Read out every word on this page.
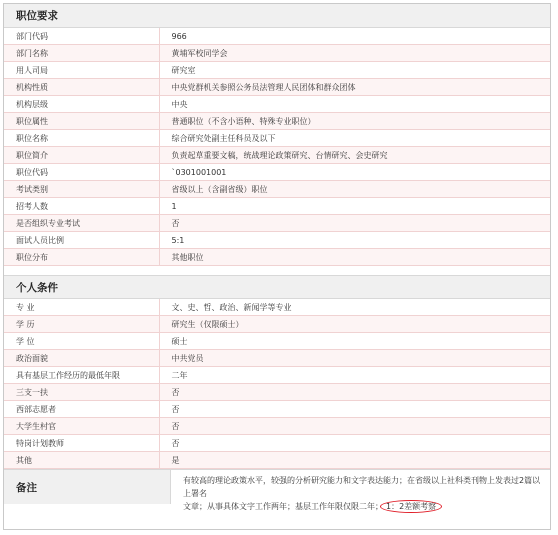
职位要求
部门代码	966
部门名称	黄埔军校同学会
用人司局	研究室
机构性质	中央党群机关参照公务员法管理人民团体和群众团体
机构层级	中央
职位属性	普通职位（不含小语种、特殊专业职位）
职位名称	综合研究处副主任科员及以下
职位简介	负责起草重要文稿，统战理论政策研究、台情研究、会史研究
职位代码	`0301001001
考试类别	省级以上（含副省级）职位
招考人数	1
是否组织专业考试	否
面试人员比例	5:1
职位分布	其他职位
个人条件
专 业	文、史、哲、政治、新闻学等专业
学 历	研究生（仅限硕士）
学 位	硕士
政治面貌	中共党员
具有基层工作经历的最低年限	二年
三支一扶	否
西部志愿者	否
大学生村官	否
特岗计划教师	否
其他	是
备注
有较高的理论政策水平，较强的分析研究能力和文字表达能力；在省级以上社科类刊物上发表过2篇以上署名
文章；从事具体文字工作两年；基层工作年限仅限二年； 1：2差额考察
